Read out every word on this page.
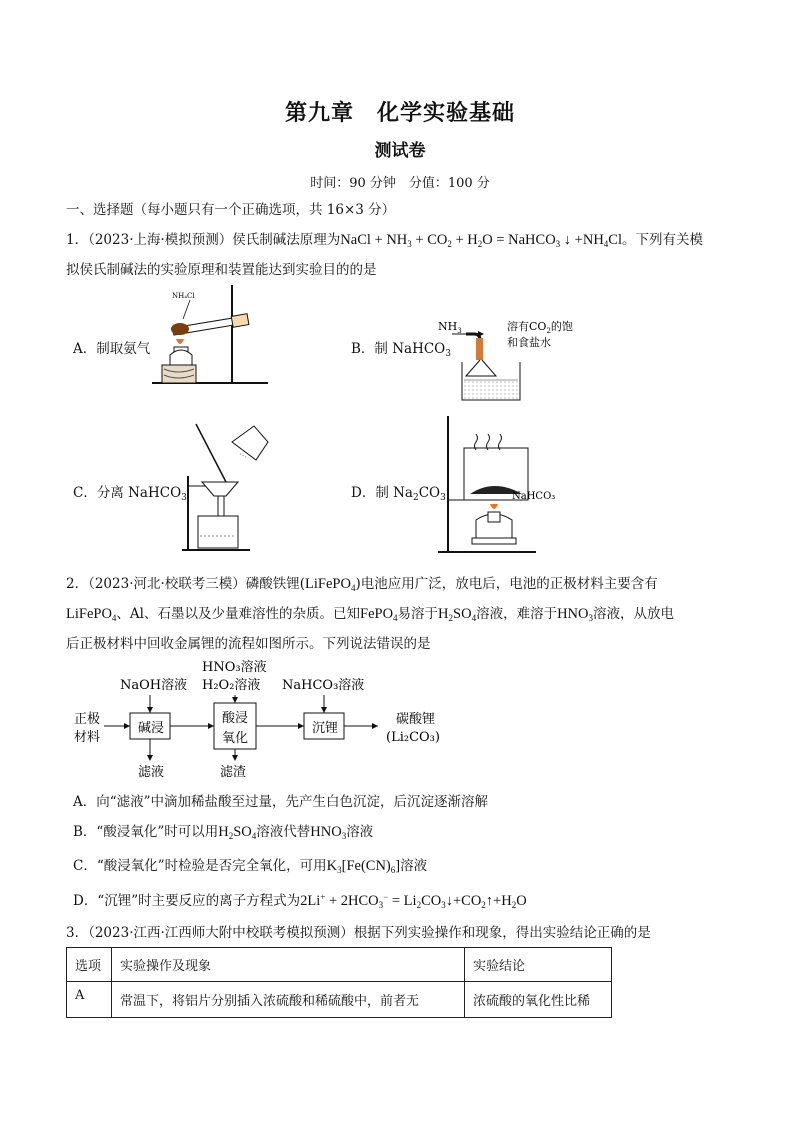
第九章　化学实验基础
测试卷
时间：90 分钟　分值：100 分
一、选择题（每小题只有一个正确选项，共 16×3 分）
1．（2023·上海·模拟预测）侯氏制碱法原理为NaCl + $NH_3 + CO_2 + H_2O$ = NaHCO$_3$ ↓ $+NH_4Cl$。下列有关模
拟侯氏制碱法的实验原理和装置能达到实验目的的是
NH₄Cl
A．制取氨气	B．制 NaHCO$_3$
$NH_3$	溶有$CO_2$的饱
和食盐水
C．分离 NaHCO$_3$	D．制 $Na_2CO_3$	NaHCO₃
2．（2023·河北·校联考三模）磷酸铁锂(LiFePO$_4$)电池应用广泛，放电后，电池的正极材料主要含有
LiFePO$_4$、Al、石墨以及少量难溶性的杂质。已知FePO$_4$易溶于$H_2SO_4$溶液，难溶于$HNO_3$溶液，从放电
后正极材料中回收金属锂的流程如图所示。下列说法错误的是
NaOH溶液
HNO₃溶液
H₂O₂溶液 NaHCO₃溶液
正极
材料
碱浸
酸浸
氧化
沉锂
碳酸锂
(Li₂CO₃)
滤液	滤渣
A．向“滤液”中滴加稀盐酸至过量，先产生白色沉淀，后沉淀逐渐溶解
B．“酸浸氧化”时可以用$H_2SO_4$溶液代替$HNO_3$溶液
C．“酸浸氧化”时检验是否完全氧化，可用$K_3[Fe(CN)_6]$溶液
D．“沉锂”时主要反应的离子方程式为$2Li^+ + 2HCO_3^-$ = $Li_2CO_3↓+CO_2↑+H_2O$
3．（2023·江西·江西师大附中校联考模拟预测）根据下列实验操作和现象，得出实验结论正确的是
选项	实验操作及现象	实验结论
A	常温下，将铝片分别插入浓硫酸和稀硫酸中，前者无	浓硫酸的氧化性比稀
